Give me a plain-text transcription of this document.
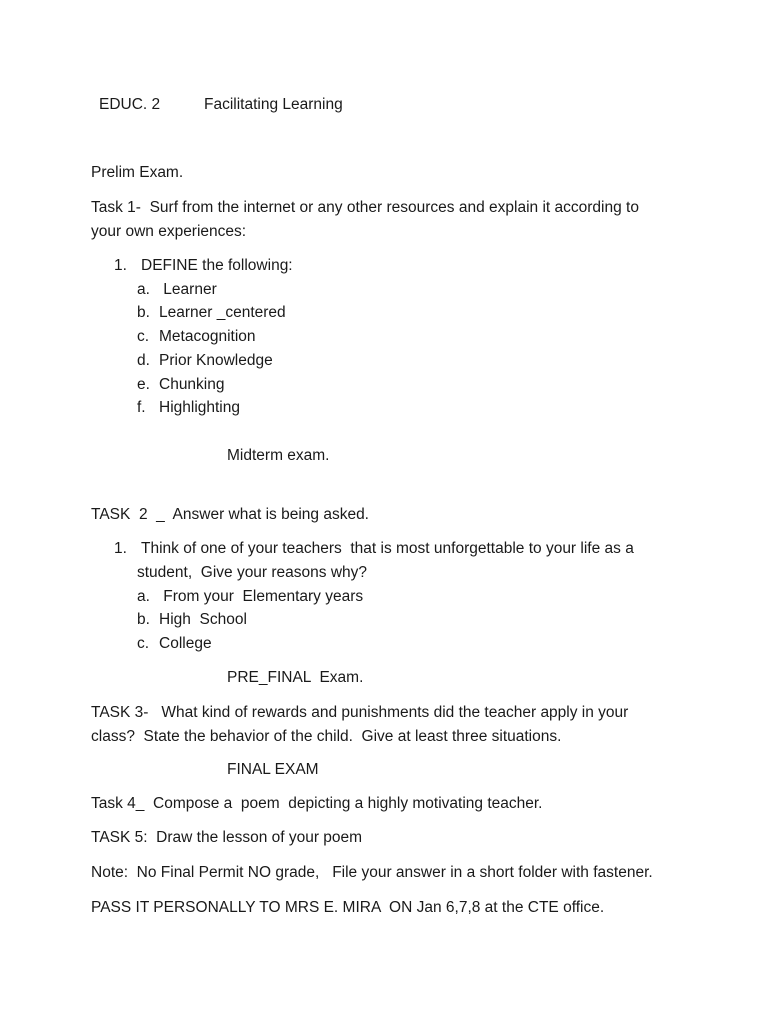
EDUC. 2	Facilitating Learning
Prelim Exam.
Task 1-  Surf from the internet or any other resources and explain it according to
your own experiences:
1. DEFINE the following:
a. Learner
b. Learner _centered
c. Metacognition
d. Prior Knowledge
e. Chunking
f. Highlighting
Midterm exam.
TASK  2  _  Answer what is being asked.
1. Think of one of your teachers  that is most unforgettable to your life as a
student,  Give your reasons why?
a. From your  Elementary years
b. High  School
c. College
PRE_FINAL  Exam.
TASK 3-   What kind of rewards and punishments did the teacher apply in your
class?  State the behavior of the child.  Give at least three situations.
FINAL EXAM
Task 4_  Compose a  poem  depicting a highly motivating teacher.
TASK 5:  Draw the lesson of your poem
Note:  No Final Permit NO grade,   File your answer in a short folder with fastener.
PASS IT PERSONALLY TO MRS E. MIRA  ON Jan 6,7,8 at the CTE office.
